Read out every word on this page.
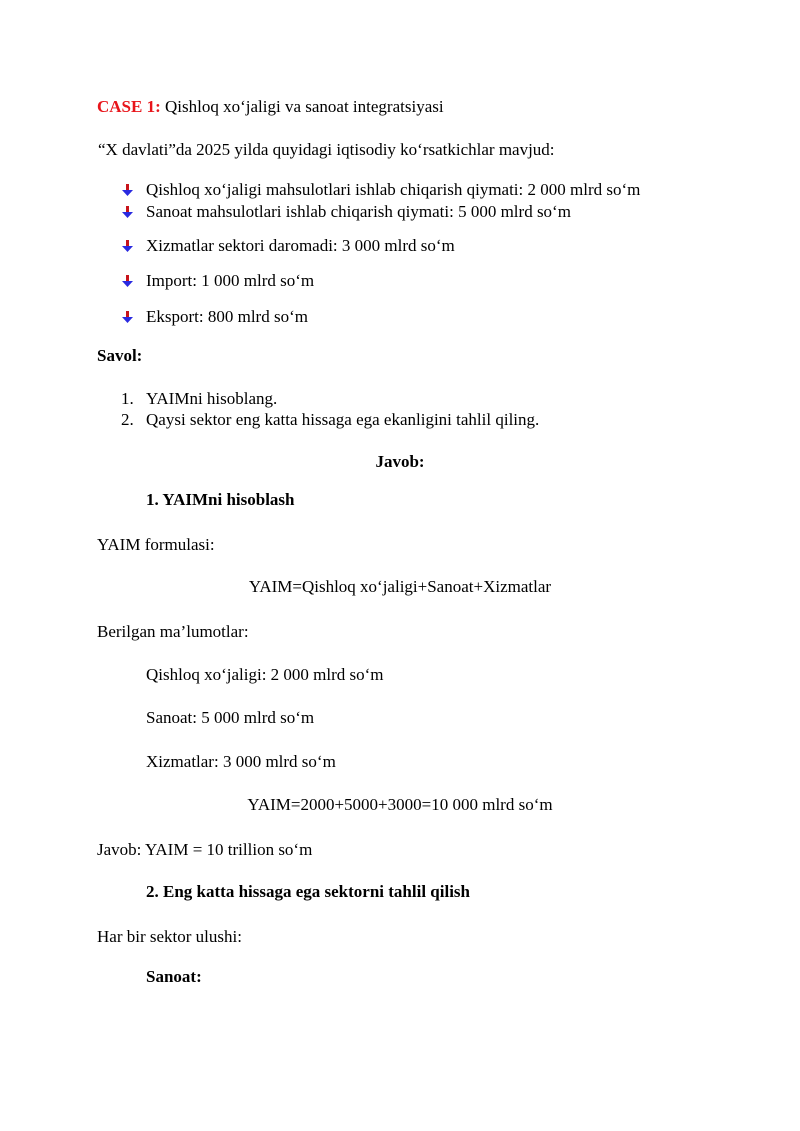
CASE 1: Qishloq xo‘jaligi va sanoat integratsiyasi
“X davlati”da 2025 yilda quyidagi iqtisodiy ko‘rsatkichlar mavjud:
Qishloq xo‘jaligi mahsulotlari ishlab chiqarish qiymati: 2 000 mlrd so‘m
Sanoat mahsulotlari ishlab chiqarish qiymati: 5 000 mlrd so‘m
Xizmatlar sektori daromadi: 3 000 mlrd so‘m
Import: 1 000 mlrd so‘m
Eksport: 800 mlrd so‘m
Savol:
1. YAIMni hisoblang.
2. Qaysi sektor eng katta hissaga ega ekanligini tahlil qiling.
Javob:
1. YAIMni hisoblash
YAIM formulasi:
YAIM=Qishloq xo‘jaligi+Sanoat+Xizmatlar
Berilgan ma’lumotlar:
Qishloq xo‘jaligi: 2 000 mlrd so‘m
Sanoat: 5 000 mlrd so‘m
Xizmatlar: 3 000 mlrd so‘m
YAIM=2000+5000+3000=10 000 mlrd so‘m
Javob: YAIM = 10 trillion so‘m
2. Eng katta hissaga ega sektorni tahlil qilish
Har bir sektor ulushi:
Sanoat:
